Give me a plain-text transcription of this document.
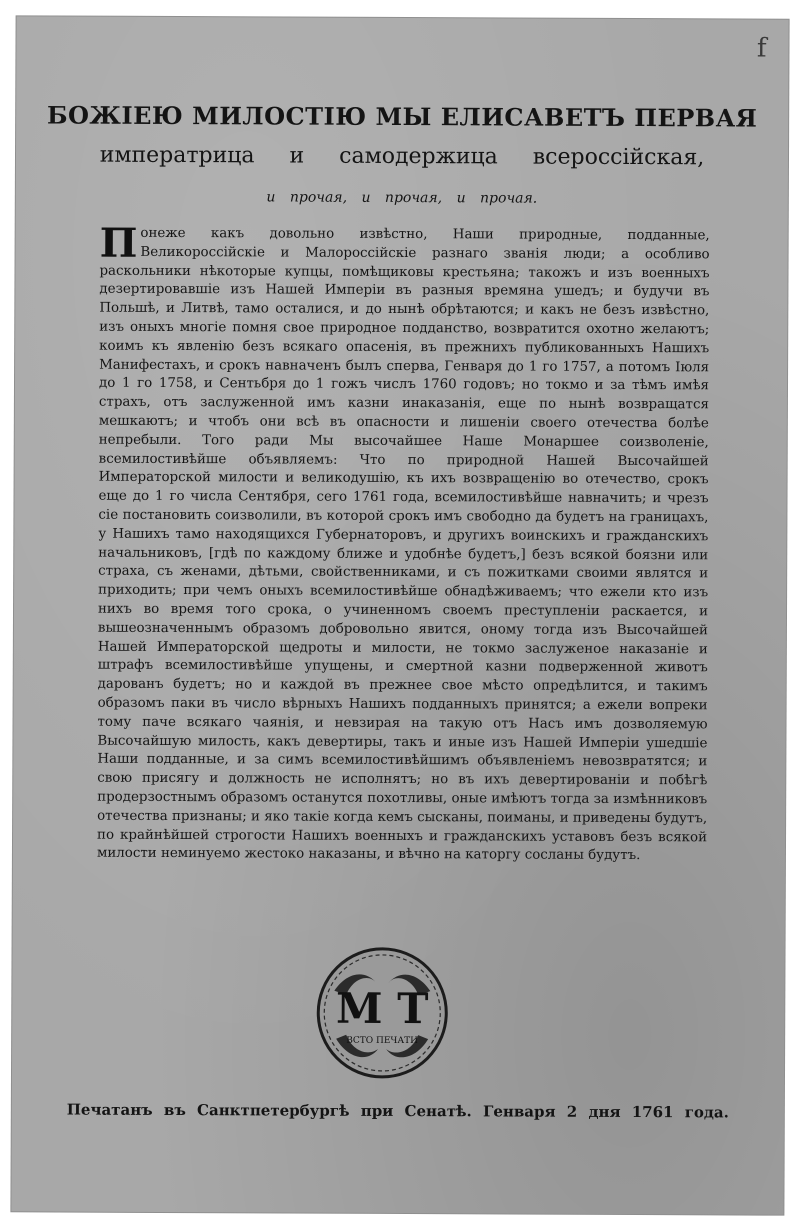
f
БОЖІЕЮ МИЛОСТІЮ МЫ ЕЛИСАВЕТЪ ПЕРВАЯ
императрица и самодержица всероссійская,
и прочая, и прочая, и прочая.
Понеже какъ довольно извѣстно, Наши природные, подданные, Великороссійскіе и Малороссійскіе разнаго званія люди; а особливо раскольники нѣкоторые купцы, помѣщиковы крестьяна; такожъ и изъ военныхъ дезертировавшіе изъ Нашей Имперіи въ разныя времяна ушедъ; и будучи въ Польшѣ, и Литвѣ, тамо осталися, и до нынѣ обрѣтаются; и какъ не безъ извѣстно, изъ оныхъ многіе помня свое природное подданство, возвратится охотно желаютъ; коимъ къ явленію безъ всякаго опасенія, въ прежнихъ публикованныхъ Нашихъ Манифестахъ, и срокъ навначенъ былъ сперва, Генваря до 1 го 1757, а потомъ Іюля до 1 го 1758, и Сентьбря до 1 гожъ числъ 1760 годовъ; но токмо и за тѣмъ имѣя страхъ, отъ заслуженной имъ казни инаказанія, еще по нынѣ возвращатся мешкаютъ; и чтобъ они всѣ въ опасности и лишеніи своего отечества болѣе непребыли. Того ради Мы высочайшее Наше Монаршее соизволеніе, всемилостивѣйше объявляемъ: Что по природной Нашей Высочайшей Императорской милости и великодушію, къ ихъ возвращенію во отечество, срокъ еще до 1 го числа Сентября, сего 1761 года, всемилостивѣйше навначить; и чрезъ сіе постановить соизволили, въ которой срокъ имъ свободно да будетъ на границахъ, у Нашихъ тамо находящихся Губернаторовъ, и другихъ воинскихъ и гражданскихъ начальниковъ, [гдѣ по каждому ближе и удобнѣе будетъ,] безъ всякой боязни или страха, съ женами, дѣтьми, свойственниками, и съ пожитками своими являтся и приходить; при чемъ оныхъ всемилостивѣйше обнадѣживаемъ; что ежели кто изъ нихъ во время того срока, о учиненномъ своемъ преступленіи раскается, и вышеозначеннымъ образомъ добровольно явится, оному тогда изъ Высочайшей Нашей Императорской щедроты и милости, не токмо заслуженое наказаніе и штрафъ всемилостивѣйше упущены, и смертной казни подверженной животъ дарованъ будетъ; но и каждой въ прежнее свое мѣсто опредѣлится, и такимъ образомъ паки въ число вѣрныхъ Нашихъ подданныхъ принятся; а ежели вопреки тому паче всякаго чаянія, и невзирая на такую отъ Насъ имъ дозволяемую Высочайшую милость, какъ девертиры, такъ и иные изъ Нашей Имперіи ушедшіе Наши подданные, и за симъ всемилостивѣйшимъ объявленіемъ невозвратятся; и свою присягу и должность не исполнятъ; но въ ихъ девертированіи и побѣгѣ продерзостнымъ образомъ останутся похотливы, оные имѣютъ тогда за измѣнниковъ отечества признаны; и яко такіе когда кемъ сысканы, поиманы, и приведены будутъ, по крайнѣйшей строгости Нашихъ военныхъ и гражданскихъ уставовъ безъ всякой милости неминуемо жестоко наказаны, и вѣчно на каторгу сосланы будутъ.
М Т
ВСТО ПЕЧАТИ
Печатанъ въ Санктпетербургѣ при Сенатѣ. Генваря 2 дня 1761 года.
